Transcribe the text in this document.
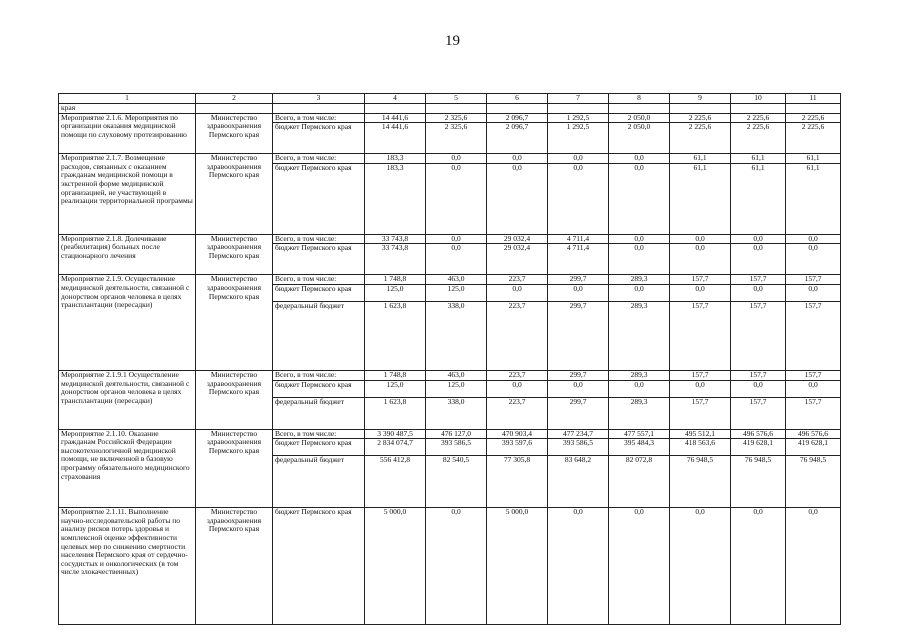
19
1	2	3	4	5	6	7	8	9	10	11
края										
Мероприятие 2.1.6. Мероприятия по организации оказания медицинской помощи по слуховому протезированию	Министерство здравоохранения Пермского края	Всего, в том числе:	14 441,6	2 325,6	2 096,7	1 292,5	2 050,0	2 225,6	2 225,6	2 225,6
		бюджет Пермского края	14 441,6	2 325,6	2 096,7	1 292,5	2 050,0	2 225,6	2 225,6	2 225,6
Мероприятие 2.1.7. Возмещение расходов, связанных с оказанием гражданам медицинской помощи в экстренной форме медицинской организацией, не участвующей в реализации территориальной программы	Министерство здравоохранения Пермского края	Всего, в том числе:	183,3	0,0	0,0	0,0	0,0	61,1	61,1	61,1
		бюджет Пермского края	183,3	0,0	0,0	0,0	0,0	61,1	61,1	61,1
Мероприятие 2.1.8. Долечивание (реабилитация) больных после стационарного лечения	Министерство здравоохранения Пермского края	Всего, в том числе:	33 743,8	0,0	29 032,4	4 711,4	0,0	0,0	0,0	0,0
		бюджет Пермского края	33 743,8	0,0	29 032,4	4 711,4	0,0	0,0	0,0	0,0
Мероприятие 2.1.9. Осуществление медицинской деятельности, связанной с донорством органов человека в целях трансплантации (пересадки)	Министерство здравоохранения Пермского края	Всего, в том числе:	1 748,8	463,0	223,7	299,7	289,3	157,7	157,7	157,7
		бюджет Пермского края	125,0	125,0	0,0	0,0	0,0	0,0	0,0	0,0
		федеральный бюджет	1 623,8	338,0	223,7	299,7	289,3	157,7	157,7	157,7
Мероприятие 2.1.9.1 Осуществление медицинской деятельности, связанной с донорством органов человека в целях трансплантации (пересадки)	Министерство здравоохранения Пермского края	Всего, в том числе:	1 748,8	463,0	223,7	299,7	289,3	157,7	157,7	157,7
		бюджет Пермского края	125,0	125,0	0,0	0,0	0,0	0,0	0,0	0,0
		федеральный бюджет	1 623,8	338,0	223,7	299,7	289,3	157,7	157,7	157,7
Мероприятие 2.1.10. Оказание гражданам Российской Федерации высокотехнологичной медицинской помощи, не включенной в базовую программу обязательного медицинского страхования	Министерство здравоохранения Пермского края	Всего, в том числе:	3 390 487,5	476 127,0	470 903,4	477 234,7	477 557,1	495 512,1	496 576,6	496 576,6
		бюджет Пермского края	2 834 074,7	393 586,5	393 597,6	393 586,5	395 484,3	418 563,6	419 628,1	419 628,1
		федеральный бюджет	556 412,8	82 540,5	77 305,8	83 648,2	82 072,8	76 948,5	76 948,5	76 948,5
Мероприятие 2.1.11. Выполнение научно-исследовательской работы по анализу рисков потерь здоровья и комплексной оценке эффективности целевых мер по снижению смертности населения Пермского края от сердечно-сосудистых и онкологических (в том числе злокачественных)	Министерство здравоохранения Пермского края	бюджет Пермского края	5 000,0	0,0	5 000,0	0,0	0,0	0,0	0,0	0,0
